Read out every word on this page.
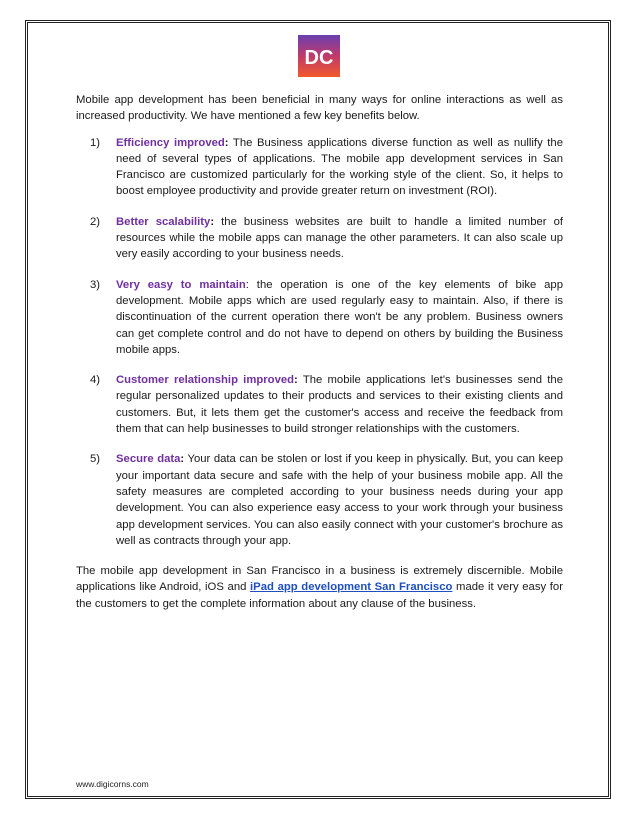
DC

Mobile app development has been beneficial in many ways for online interactions as well as increased productivity. We have mentioned a few key benefits below.

1)	Efficiency improved: The Business applications diverse function as well as nullify the need of several types of applications. The mobile app development services in San Francisco are customized particularly for the working style of the client. So, it helps to boost employee productivity and provide greater return on investment (ROI).
2)	Better scalability: the business websites are built to handle a limited number of resources while the mobile apps can manage the other parameters. It can also scale up very easily according to your business needs.
3)	Very easy to maintain: the operation is one of the key elements of bike app development. Mobile apps which are used regularly easy to maintain. Also, if there is discontinuation of the current operation there won't be any problem. Business owners can get complete control and do not have to depend on others by building the Business mobile apps.
4)	Customer relationship improved: The mobile applications let's businesses send the regular personalized updates to their products and services to their existing clients and customers. But, it lets them get the customer's access and receive the feedback from them that can help businesses to build stronger relationships with the customers.
5)	Secure data: Your data can be stolen or lost if you keep in physically. But, you can keep your important data secure and safe with the help of your business mobile app. All the safety measures are completed according to your business needs during your app development. You can also experience easy access to your work through your business app development services. You can also easily connect with your customer's brochure as well as contracts through your app.

The mobile app development in San Francisco in a business is extremely discernible. Mobile applications like Android, iOS and iPad app development San Francisco made it very easy for the customers to get the complete information about any clause of the business.

www.digicorns.com
